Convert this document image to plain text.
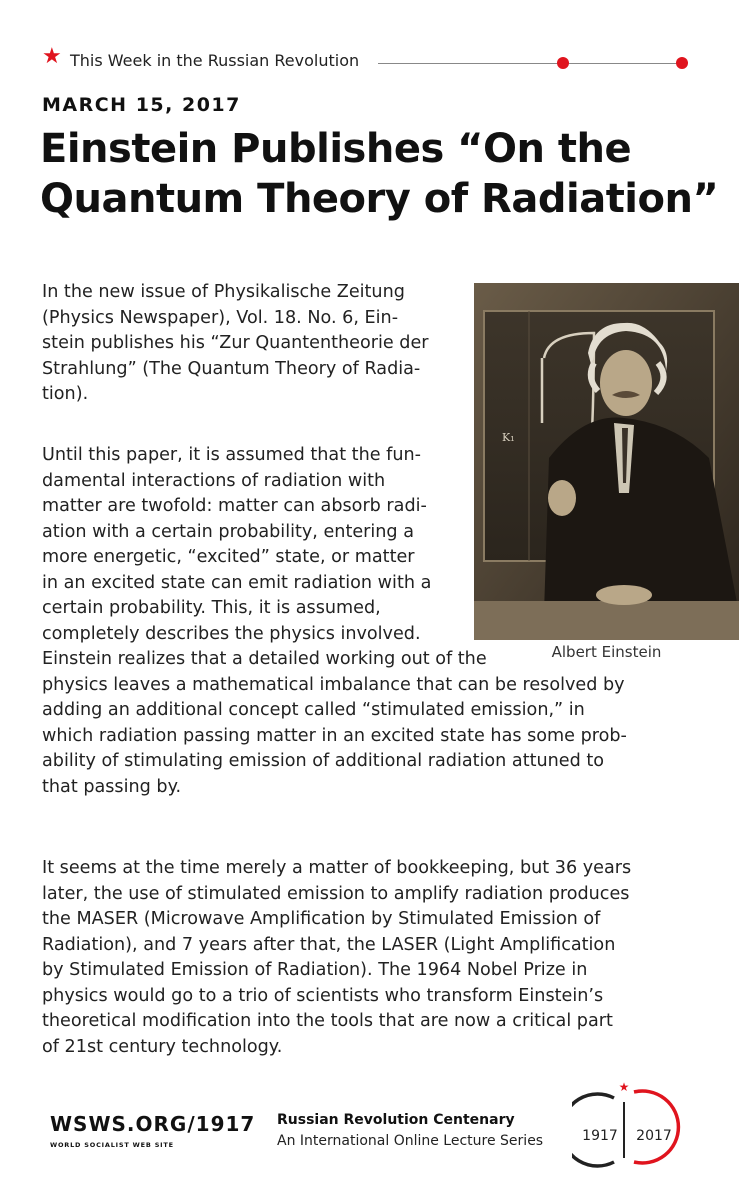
★ This Week in the Russian Revolution
MARCH 15, 2017
Einstein Publishes “On the
Quantum Theory of Radiation”
K₁
Albert Einstein
In the new issue of Physikalische Zeitung
(Physics Newspaper), Vol. 18. No. 6, Ein-
stein publishes his “Zur Quantentheorie der
Strahlung” (The Quantum Theory of Radia-
tion).
Until this paper, it is assumed that the fun-
damental interactions of radiation with
matter are twofold: matter can absorb radi-
ation with a certain probability, entering a
more energetic, “excited” state, or matter
in an excited state can emit radiation with a
certain probability. This, it is assumed,
completely describes the physics involved.
Einstein realizes that a detailed working out of the
physics leaves a mathematical imbalance that can be resolved by
adding an additional concept called “stimulated emission,” in
which radiation passing matter in an excited state has some prob-
ability of stimulating emission of additional radiation attuned to
that passing by.
It seems at the time merely a matter of bookkeeping, but 36 years
later, the use of stimulated emission to amplify radiation produces
the MASER (Microwave Amplification by Stimulated Emission of
Radiation), and 7 years after that, the LASER (Light Amplification
by Stimulated Emission of Radiation). The 1964 Nobel Prize in
physics would go to a trio of scientists who transform Einstein’s
theoretical modification into the tools that are now a critical part
of 21st century technology.
WSWS.ORG/1917
WORLD SOCIALIST WEB SITE
Russian Revolution Centenary
An International Online Lecture Series
★
1917 2017
